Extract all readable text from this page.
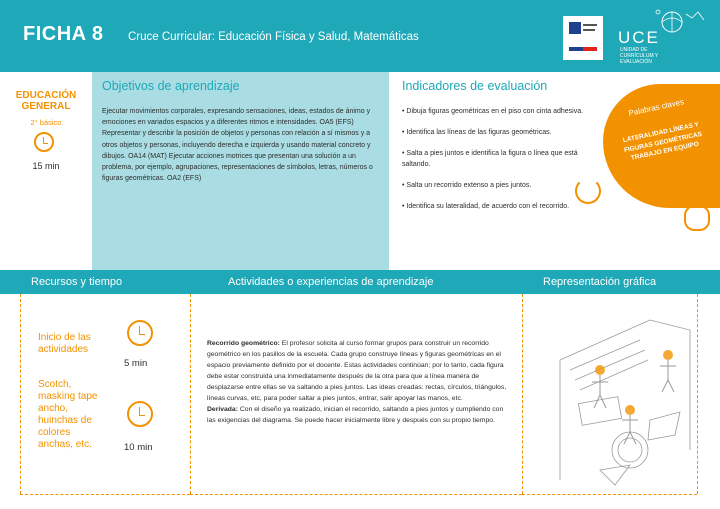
FICHA 8 Cruce Curricular: Educación Física y Salud, Matemáticas	UCE
UNIDAD DE CURRÍCULUM Y EVALUACIÓN
EDUCACIÓN GENERAL
2° básico
15 min
Objetivos de aprendizaje
Ejecutar movimientos corporales, expresando sensaciones, ideas, estados de ánimo y emociones en variados espacios y a diferentes ritmos e intensidades. OA5 (EFS) Representar y describir la posición de objetos y personas con relación a sí mismos y a otros objetos y personas, incluyendo derecha e izquierda y usando material concreto y dibujos. OA14 (MAT) Ejecutar acciones motrices que presentan una solución a un problema, por ejemplo, agrupaciones, representaciones de símbolos, letras, números o figuras geométricas. OA2 (EFS)
Indicadores de evaluación
• Dibuja figuras geométricas en el piso con cinta adhesiva.
• Identifica las líneas de las figuras geométricas.
• Salta a pies juntos e identifica la figura o línea que está saltando.
• Salta un recorrido extenso a pies juntos.
• Identifica su lateralidad, de acuerdo con el recorrido.
Palabras claves
LATERALIDAD LÍNEAS Y FIGURAS GEOMÉTRICAS TRABAJO EN EQUIPO
Recursos y tiempo	Actividades o experiencias de aprendizaje	Representación gráfica
Inicio de las actividades
5 min
Scotch, masking tape ancho, huinchas de colores anchas, etc.	10 min
Recorrido geométrico: El profesor solicita al curso formar grupos para construir un recorrido geométrico en los pasillos de la escuela. Cada grupo construye líneas y figuras geométricas en el espacio previamente definido por el docente. Estas actividades continúan; por lo tanto, cada figura debe estar construida una inmediatamente después de la otra para que a línea manera de desplazarse entre ellas se va saltando a pies juntos. Las ideas creadas: rectas, círculos, triángulos, líneas curvas, etc, para poder saltar a pies juntos, entrar, salir apoyar las manos, etc.
Derivada: Con el diseño ya realizado, inician el recorrido, saltando a pies juntos y cumpliendo con las exigencias del diagrama. Se puede hacer inicialmente libre y después con su propio tiempo.
